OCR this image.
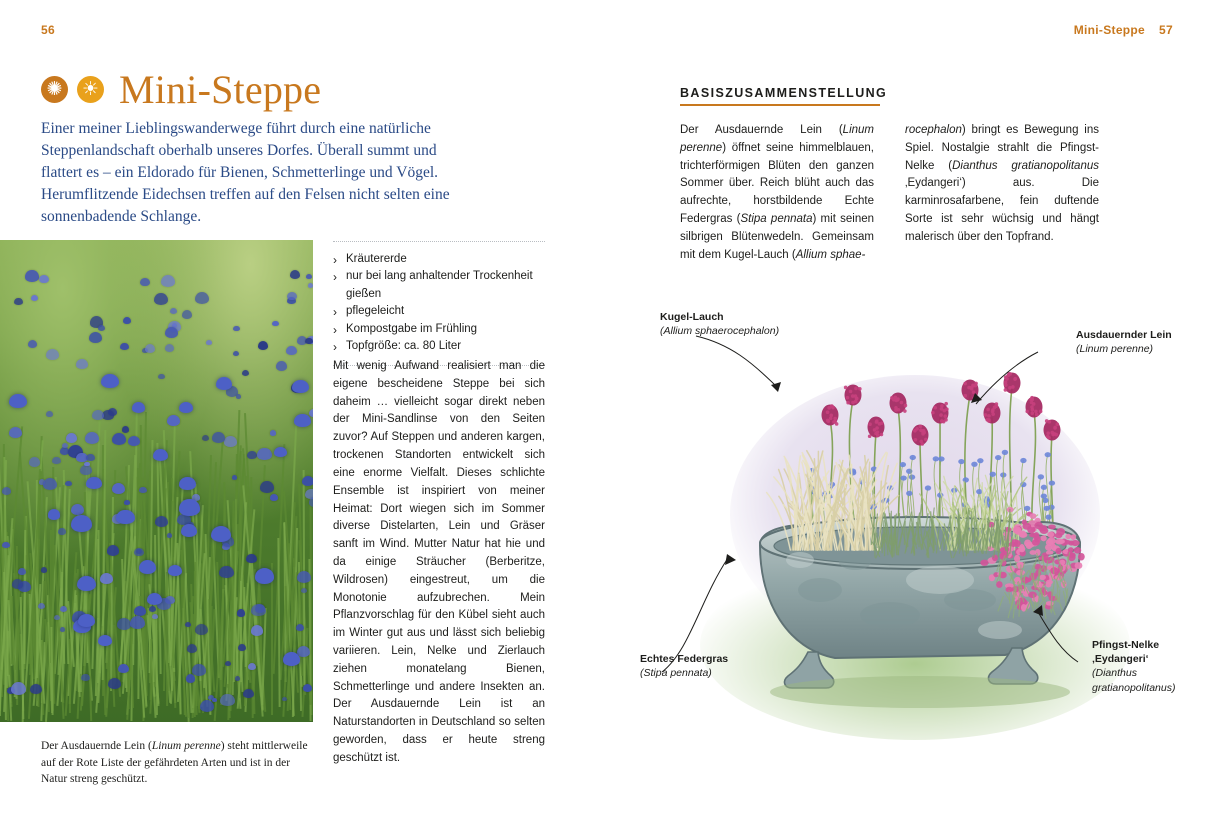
56	Mini-Steppe 57
✺ ☀ Mini-Steppe
Einer meiner Lieblingswanderwege führt durch eine natürliche Steppenlandschaft oberhalb unseres Dorfes. Überall summt und flattert es – ein Eldorado für Bienen, Schmetterlinge und Vögel. Herumflitzende Eidechsen treffen auf den Felsen nicht selten eine sonnenbadende Schlange.
Der Ausdauernde Lein (Linum perenne) steht mittlerweile auf der Rote Liste der gefährdeten Arten und ist in der Natur streng geschützt.
› Kräutererde
› nur bei lang anhaltender Trockenheit gießen
› pflegeleicht
› Kompostgabe im Frühling
› Topfgröße: ca. 80 Liter
Mit wenig Aufwand realisiert man die eigene bescheidene Steppe bei sich daheim … vielleicht sogar direkt neben der Mini-Sandlinse von den Seiten zuvor? Auf Steppen und anderen kargen, trockenen Standorten entwickelt sich eine enorme Vielfalt. Dieses schlichte Ensemble ist inspiriert von meiner Heimat: Dort wiegen sich im Sommer diverse Distelarten, Lein und Gräser sanft im Wind. Mutter Natur hat hie und da einige Sträucher (Berberitze, Wildrosen) eingestreut, um die Monotonie aufzubrechen. Mein Pflanzvorschlag für den Kübel sieht auch im Winter gut aus und lässt sich beliebig variieren. Lein, Nelke und Zierlauch ziehen monatelang Bienen, Schmetterlinge und andere Insekten an. Der Ausdauernde Lein ist an Naturstandorten in Deutschland so selten geworden, dass er heute streng geschützt ist.
BASISZUSAMMENSTELLUNG
Der Ausdauernde Lein (Linum perenne) öffnet seine himmelblauen, trichterförmigen Blüten den ganzen Sommer über. Reich blüht auch das aufrechte, horstbildende Echte Federgras (Stipa pennata) mit seinen silbrigen Blütenwedeln. Gemeinsam mit dem Kugel-Lauch (Allium sphae-
rocephalon) bringt es Bewegung ins Spiel. Nostalgie strahlt die Pfingst-Nelke (Dianthus gratianopolitanus ‚Eydangeri‘) aus. Die karminrosafarbene, fein duftende Sorte ist sehr wüchsig und hängt malerisch über den Topfrand.
Kugel-Lauch
(Allium sphaerocephalon)	Ausdauernder Lein
(Linum perenne)
Echtes Federgras
(Stipa pennata)
Pfingst-Nelke ‚Eydangeri‘
(Dianthus gratianopolitanus)
